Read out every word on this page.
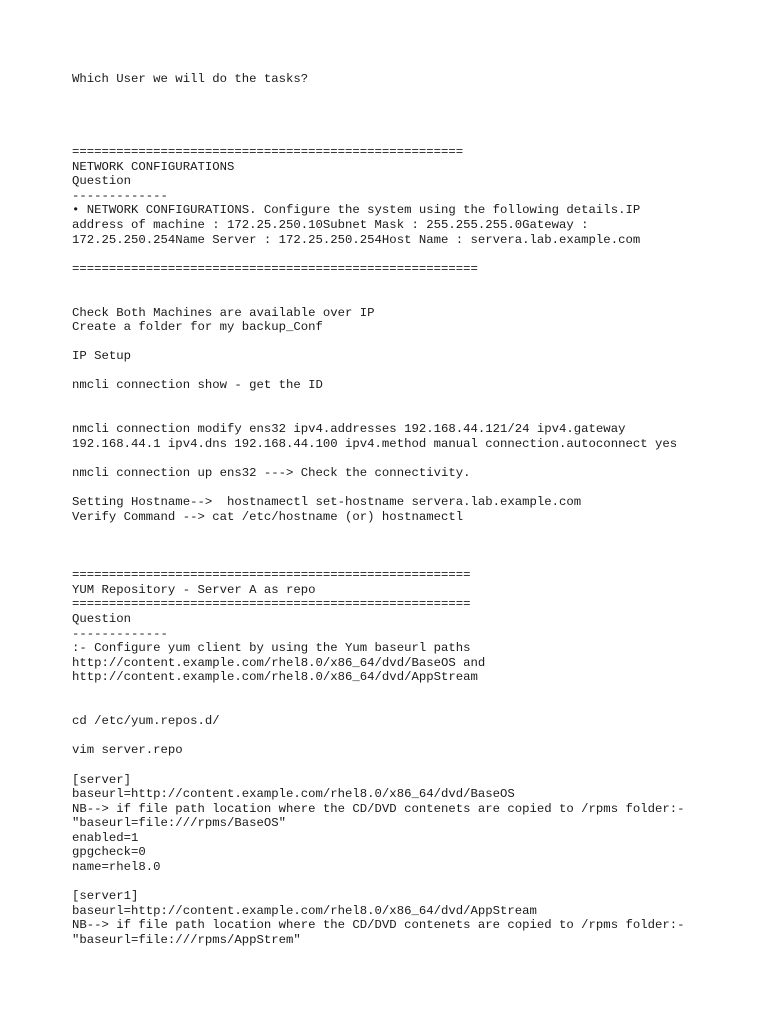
Which User we will do the tasks?
=====================================================
NETWORK CONFIGURATIONS
Question
-------------
• NETWORK CONFIGURATIONS. Configure the system using the following details.IP
address of machine : 172.25.250.10Subnet Mask : 255.255.255.0Gateway :
172.25.250.254Name Server : 172.25.250.254Host Name : servera.lab.example.com
=======================================================
Check Both Machines are available over IP
Create a folder for my backup_Conf
IP Setup
nmcli connection show - get the ID
nmcli connection modify ens32 ipv4.addresses 192.168.44.121/24 ipv4.gateway
192.168.44.1 ipv4.dns 192.168.44.100 ipv4.method manual connection.autoconnect yes
nmcli connection up ens32 ---> Check the connectivity.
Setting Hostname-->  hostnamectl set-hostname servera.lab.example.com
Verify Command --> cat /etc/hostname (or) hostnamectl
======================================================
YUM Repository - Server A as repo
======================================================
Question
-------------
:- Configure yum client by using the Yum baseurl paths
http://content.example.com/rhel8.0/x86_64/dvd/BaseOS and
http://content.example.com/rhel8.0/x86_64/dvd/AppStream
cd /etc/yum.repos.d/
vim server.repo
[server]
baseurl=http://content.example.com/rhel8.0/x86_64/dvd/BaseOS
NB--> if file path location where the CD/DVD contenets are copied to /rpms folder:-
"baseurl=file:///rpms/BaseOS"
enabled=1
gpgcheck=0
name=rhel8.0
[server1]
baseurl=http://content.example.com/rhel8.0/x86_64/dvd/AppStream
NB--> if file path location where the CD/DVD contenets are copied to /rpms folder:-
"baseurl=file:///rpms/AppStrem"
